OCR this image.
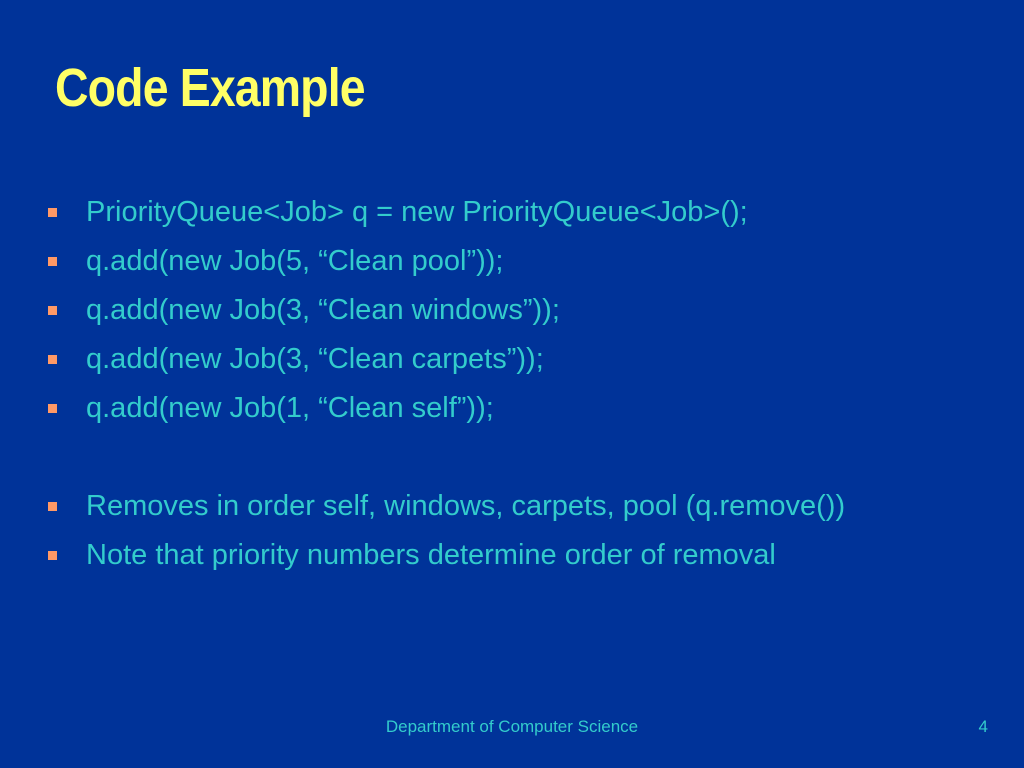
Code Example
PriorityQueue<Job> q = new PriorityQueue<Job>();
q.add(new Job(5, “Clean pool”));
q.add(new Job(3, “Clean windows”));
q.add(new Job(3, “Clean carpets”));
q.add(new Job(1, “Clean self”));
Removes in order self, windows, carpets, pool (q.remove())
Note that priority numbers determine order of removal
Department of Computer Science	4
